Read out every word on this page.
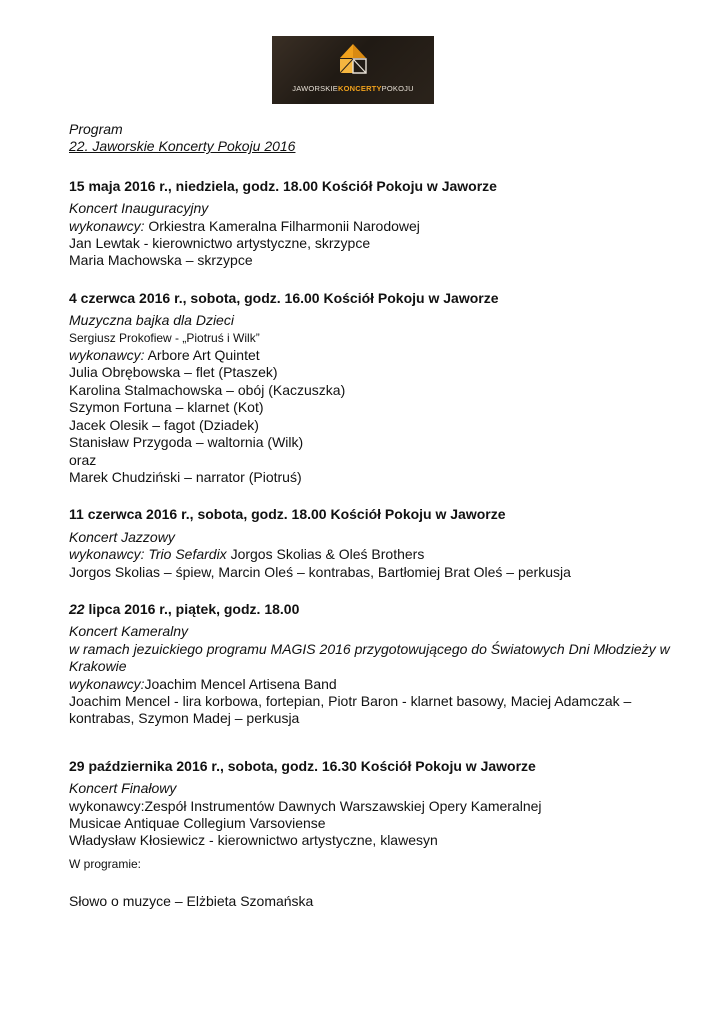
JAWORSKIEKONCERTYPOKOJU
Program
22. Jaworskie Koncerty Pokoju 2016
15 maja 2016 r., niedziela, godz. 18.00 Kościół Pokoju w Jaworze
Koncert Inauguracyjny
wykonawcy: Orkiestra Kameralna Filharmonii Narodowej
Jan Lewtak - kierownictwo artystyczne, skrzypce
Maria Machowska – skrzypce
4 czerwca 2016 r., sobota, godz. 16.00 Kościół Pokoju w Jaworze
Muzyczna bajka dla Dzieci
Sergiusz Prokofiew - „Piotruś i Wilk”
wykonawcy: Arbore Art Quintet
Julia Obrębowska – flet (Ptaszek)
Karolina Stalmachowska – obój (Kaczuszka)
Szymon Fortuna – klarnet (Kot)
Jacek Olesik – fagot (Dziadek)
Stanisław Przygoda – waltornia (Wilk)
oraz
Marek Chudziński – narrator (Piotruś)
11 czerwca 2016 r., sobota, godz. 18.00 Kościół Pokoju w Jaworze
Koncert Jazzowy
wykonawcy: Trio Sefardix Jorgos Skolias & Oleś Brothers
Jorgos Skolias – śpiew, Marcin Oleś – kontrabas, Bartłomiej Brat Oleś – perkusja
22 lipca 2016 r., piątek, godz. 18.00
Koncert Kameralny
w ramach jezuickiego programu MAGIS 2016 przygotowującego do Światowych Dni Młodzieży w Krakowie
wykonawcy:Joachim Mencel Artisena Band
Joachim Mencel - lira korbowa, fortepian, Piotr Baron - klarnet basowy, Maciej Adamczak – kontrabas, Szymon Madej – perkusja
29 października 2016 r., sobota, godz. 16.30 Kościół Pokoju w Jaworze
Koncert Finałowy
wykonawcy:Zespół Instrumentów Dawnych Warszawskiej Opery Kameralnej
Musicae Antiquae Collegium Varsoviense
Władysław Kłosiewicz - kierownictwo artystyczne, klawesyn
W programie:
Słowo o muzyce – Elżbieta Szomańska
